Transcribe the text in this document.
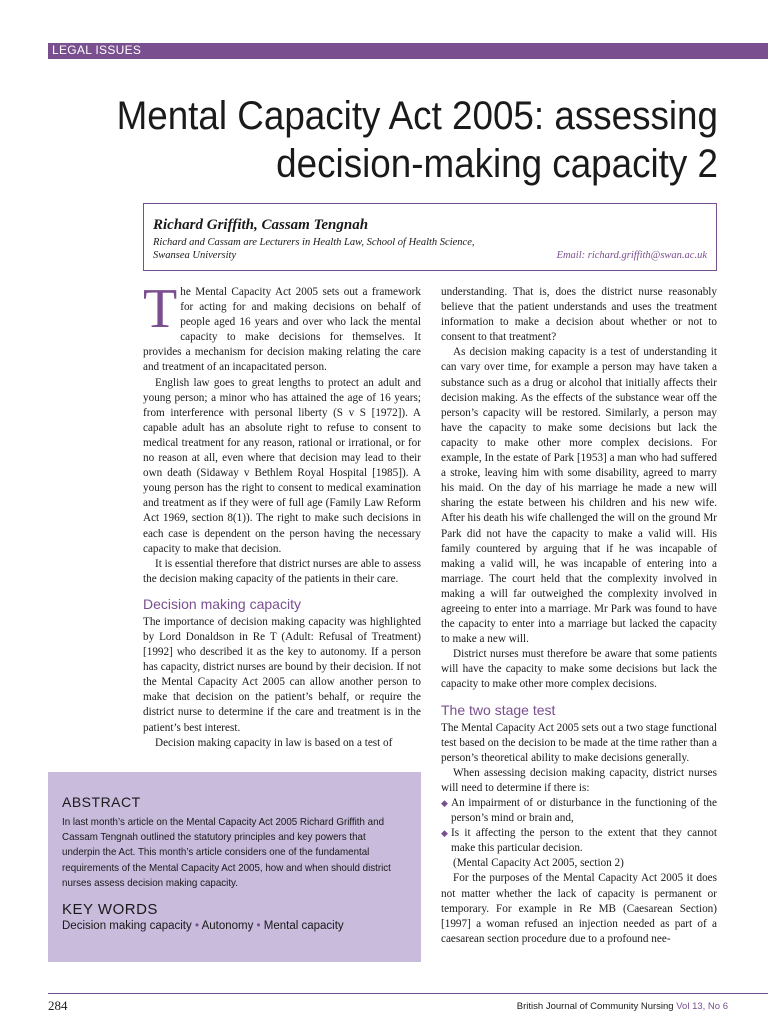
LEGAL ISSUES
Mental Capacity Act 2005: assessing
decision-making capacity 2
Richard Griffith, Cassam Tengnah
Richard and Cassam are Lecturers in Health Law, School of Health Science,
Swansea University	Email: richard.griffith@swan.ac.uk
T he Mental Capacity Act 2005 sets out a framework for acting for and making decisions on behalf of people aged 16 years and over who lack the mental capacity to make decisions for themselves. It provides a mechanism for decision making relating the care and treatment of an incapacitated person.

English law goes to great lengths to protect an adult and young person; a minor who has attained the age of 16 years; from interference with personal liberty (S v S [1972]). A capable adult has an absolute right to refuse to consent to medical treatment for any reason, rational or irrational, or for no reason at all, even where that decision may lead to their own death (Sidaway v Bethlem Royal Hospital [1985]). A young person has the right to consent to medical examination and treatment as if they were of full age (Family Law Reform Act 1969, section 8(1)). The right to make such decisions in each case is dependent on the person having the necessary capacity to make that decision.

It is essential therefore that district nurses are able to assess the decision making capacity of the patients in their care.

Decision making capacity

The importance of decision making capacity was highlighted by Lord Donaldson in Re T (Adult: Refusal of Treatment) [1992] who described it as the key to autonomy. If a person has capacity, district nurses are bound by their decision. If not the Mental Capacity Act 2005 can allow another person to make that decision on the patient’s behalf, or require the district nurse to determine if the care and treatment is in the patient’s best interest.

Decision making capacity in law is based on a test of

ABSTRACT
In last month’s article on the Mental Capacity Act 2005 Richard Griffith and Cassam Tengnah outlined the statutory principles and key powers that underpin the Act. This month’s article considers one of the fundamental requirements of the Mental Capacity Act 2005, how and when should district nurses assess decision making capacity.
KEY WORDS
Decision making capacity • Autonomy • Mental capacity

understanding. That is, does the district nurse reasonably believe that the patient understands and uses the treatment information to make a decision about whether or not to consent to that treatment?

As decision making capacity is a test of understanding it can vary over time, for example a person may have taken a substance such as a drug or alcohol that initially affects their decision making. As the effects of the substance wear off the person’s capacity will be restored. Similarly, a person may have the capacity to make some decisions but lack the capacity to make other more complex decisions. For example, In the estate of Park [1953] a man who had suffered a stroke, leaving him with some disability, agreed to marry his maid. On the day of his marriage he made a new will sharing the estate between his children and his new wife. After his death his wife challenged the will on the ground Mr Park did not have the capacity to make a valid will. His family countered by arguing that if he was incapable of making a valid will, he was incapable of entering into a marriage. The court held that the complexity involved in making a will far outweighed the complexity involved in agreeing to enter into a marriage. Mr Park was found to have the capacity to enter into a marriage but lacked the capacity to make a new will.

District nurses must therefore be aware that some patients will have the capacity to make some decisions but lack the capacity to make other more complex decisions.

The two stage test

The Mental Capacity Act 2005 sets out a two stage functional test based on the decision to be made at the time rather than a person’s theoretical ability to make decisions generally.

When assessing decision making capacity, district nurses will need to determine if there is:

◆ An impairment of or disturbance in the functioning of the person’s mind or brain and,
◆ Is it affecting the person to the extent that they cannot make this particular decision.

(Mental Capacity Act 2005, section 2)

For the purposes of the Mental Capacity Act 2005 it does not matter whether the lack of capacity is permanent or temporary. For example in Re MB (Caesarean Section) [1997] a woman refused an injection needed as part of a caesarean section procedure due to a profound nee-

284	British Journal of Community Nursing Vol 13, No 6
